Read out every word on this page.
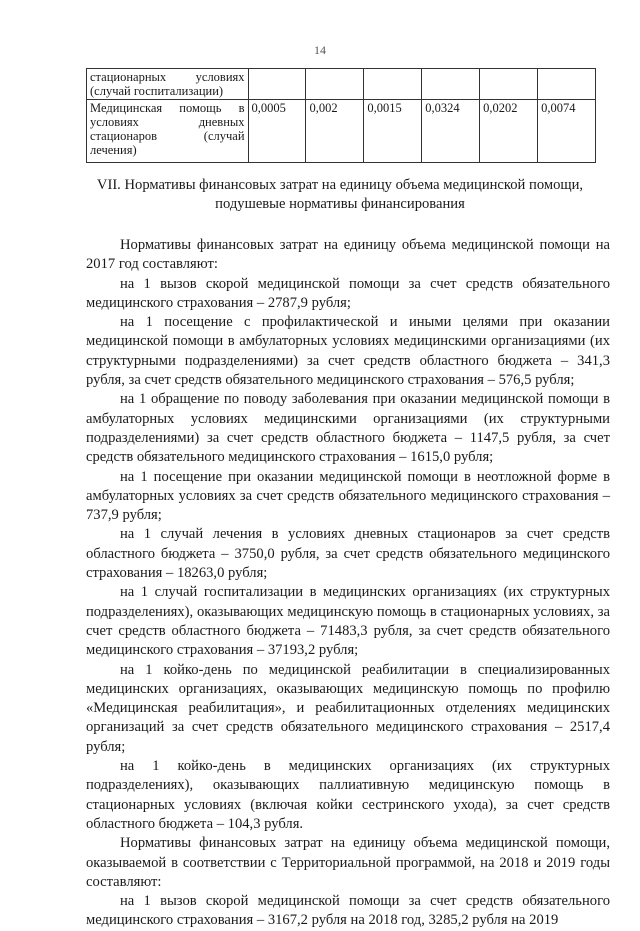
14
стационарных условиях (случай госпитализации)						
Медицинская помощь в условиях дневных стационаров (случай лечения)	0,0005	0,002	0,0015	0,0324	0,0202	0,0074
VII. Нормативы финансовых затрат на единицу объема медицинской помощи,
подушевые нормативы финансирования

Нормативы финансовых затрат на единицу объема медицинской помощи на 2017 год составляют:

на 1 вызов скорой медицинской помощи за счет средств обязательного медицинского страхования – 2787,9 рубля;

на 1 посещение с профилактической и иными целями при оказании медицинской помощи в амбулаторных условиях медицинскими организациями (их структурными подразделениями) за счет средств областного бюджета – 341,3 рубля, за счет средств обязательного медицинского страхования – 576,5 рубля;

на 1 обращение по поводу заболевания при оказании медицинской помощи в амбулаторных условиях медицинскими организациями (их структурными подразделениями) за счет средств областного бюджета – 1147,5 рубля, за счет средств обязательного медицинского страхования – 1615,0 рубля;

на 1 посещение при оказании медицинской помощи в неотложной форме в амбулаторных условиях за счет средств обязательного медицинского страхования – 737,9 рубля;

на 1 случай лечения в условиях дневных стационаров за счет средств областного бюджета – 3750,0 рубля, за счет средств обязательного медицинского страхования – 18263,0 рубля;

на 1 случай госпитализации в медицинских организациях (их структурных подразделениях), оказывающих медицинскую помощь в стационарных условиях, за счет средств областного бюджета – 71483,3 рубля, за счет средств обязательного медицинского страхования – 37193,2 рубля;

на 1 койко-день по медицинской реабилитации в специализированных медицинских организациях, оказывающих медицинскую помощь по профилю «Медицинская реабилитация», и реабилитационных отделениях медицинских организаций за счет средств обязательного медицинского страхования – 2517,4 рубля;

на 1 койко-день в медицинских организациях (их структурных подразделениях), оказывающих паллиативную медицинскую помощь в стационарных условиях (включая койки сестринского ухода), за счет средств областного бюджета – 104,3 рубля.

Нормативы финансовых затрат на единицу объема медицинской помощи, оказываемой в соответствии с Территориальной программой, на 2018 и 2019 годы составляют:

на 1 вызов скорой медицинской помощи за счет средств обязательного медицинского страхования – 3167,2 рубля на 2018 год, 3285,2 рубля на 2019
